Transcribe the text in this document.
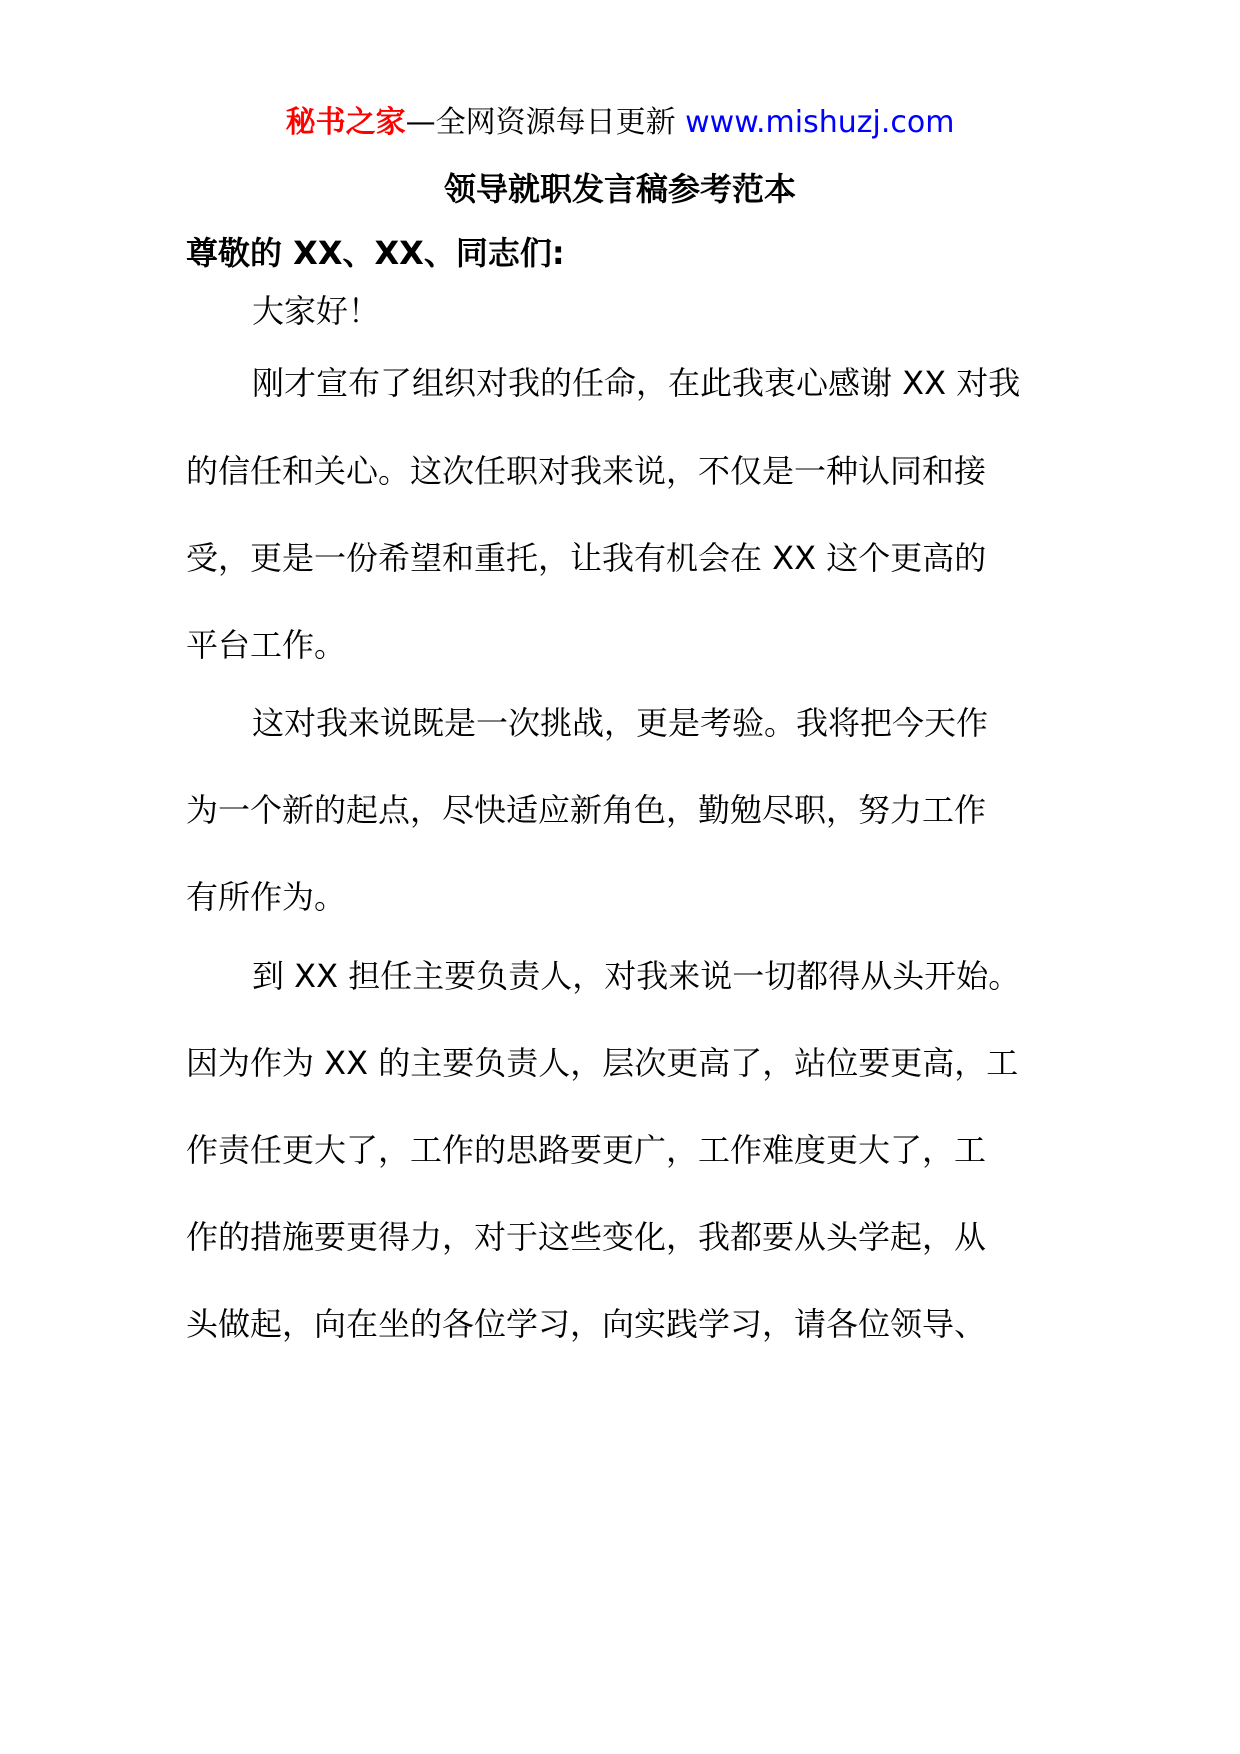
秘书之家—全网资源每日更新 www.mishuzj.com
领导就职发言稿参考范本
尊敬的 XX、XX、同志们:
大家好！
刚才宣布了组织对我的任命，在此我衷心感谢 XX 对我
的信任和关心。这次任职对我来说，不仅是一种认同和接
受，更是一份希望和重托，让我有机会在 XX 这个更高的
平台工作。
这对我来说既是一次挑战，更是考验。我将把今天作
为一个新的起点，尽快适应新角色，勤勉尽职，努力工作
有所作为。
到 XX 担任主要负责人，对我来说一切都得从头开始。
因为作为 XX 的主要负责人，层次更高了，站位要更高，工
作责任更大了，工作的思路要更广，工作难度更大了，工
作的措施要更得力，对于这些变化，我都要从头学起，从
头做起，向在坐的各位学习，向实践学习，请各位领导、
